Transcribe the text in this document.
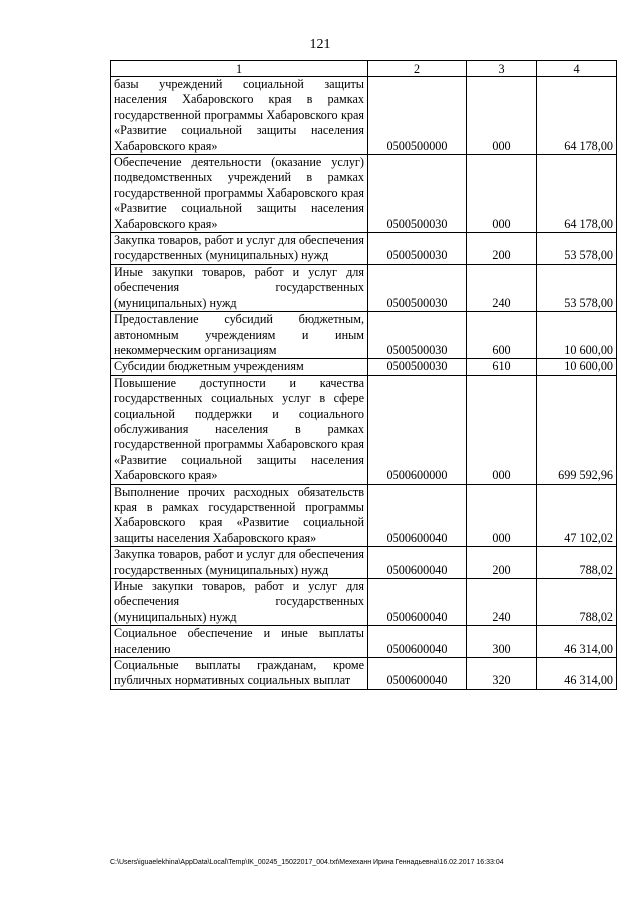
121
1	2	3	4
базы учреждений социальной защиты населения Хабаровского края в рамках государственной программы Хабаровского края «Развитие социальной защиты населения Хабаровского края»	0500500000	000	64 178,00
Обеспечение деятельности (оказание услуг) подведомственных учреждений в рамках государственной программы Хабаровского края «Развитие социальной защиты населения Хабаровского края»	0500500030	000	64 178,00
Закупка товаров, работ и услуг для обеспечения государственных (муниципальных) нужд	0500500030	200	53 578,00
Иные закупки товаров, работ и услуг для обеспечения государственных (муниципальных) нужд	0500500030	240	53 578,00
Предоставление субсидий бюджетным, автономным учреждениям и иным некоммерческим организациям	0500500030	600	10 600,00
Субсидии бюджетным учреждениям	0500500030	610	10 600,00
Повышение доступности и качества государственных социальных услуг в сфере социальной поддержки и социального обслуживания населения в рамках государственной программы Хабаровского края «Развитие социальной защиты населения Хабаровского края»	0500600000	000	699 592,96
Выполнение прочих расходных обязательств края в рамках государственной программы Хабаровского края «Развитие социальной защиты населения Хабаровского края»	0500600040	000	47 102,02
Закупка товаров, работ и услуг для обеспечения государственных (муниципальных) нужд	0500600040	200	788,02
Иные закупки товаров, работ и услуг для обеспечения государственных (муниципальных) нужд	0500600040	240	788,02
Социальное обеспечение и иные выплаты населению	0500600040	300	46 314,00
Социальные выплаты гражданам, кроме публичных нормативных социальных выплат	0500600040	320	46 314,00
C:\Users\iguaelekhina\AppData\Local\Temp\IK_00245_15022017_004.txt\Мехеханн Ирина Геннадьевна\16.02.2017 16:33:04
